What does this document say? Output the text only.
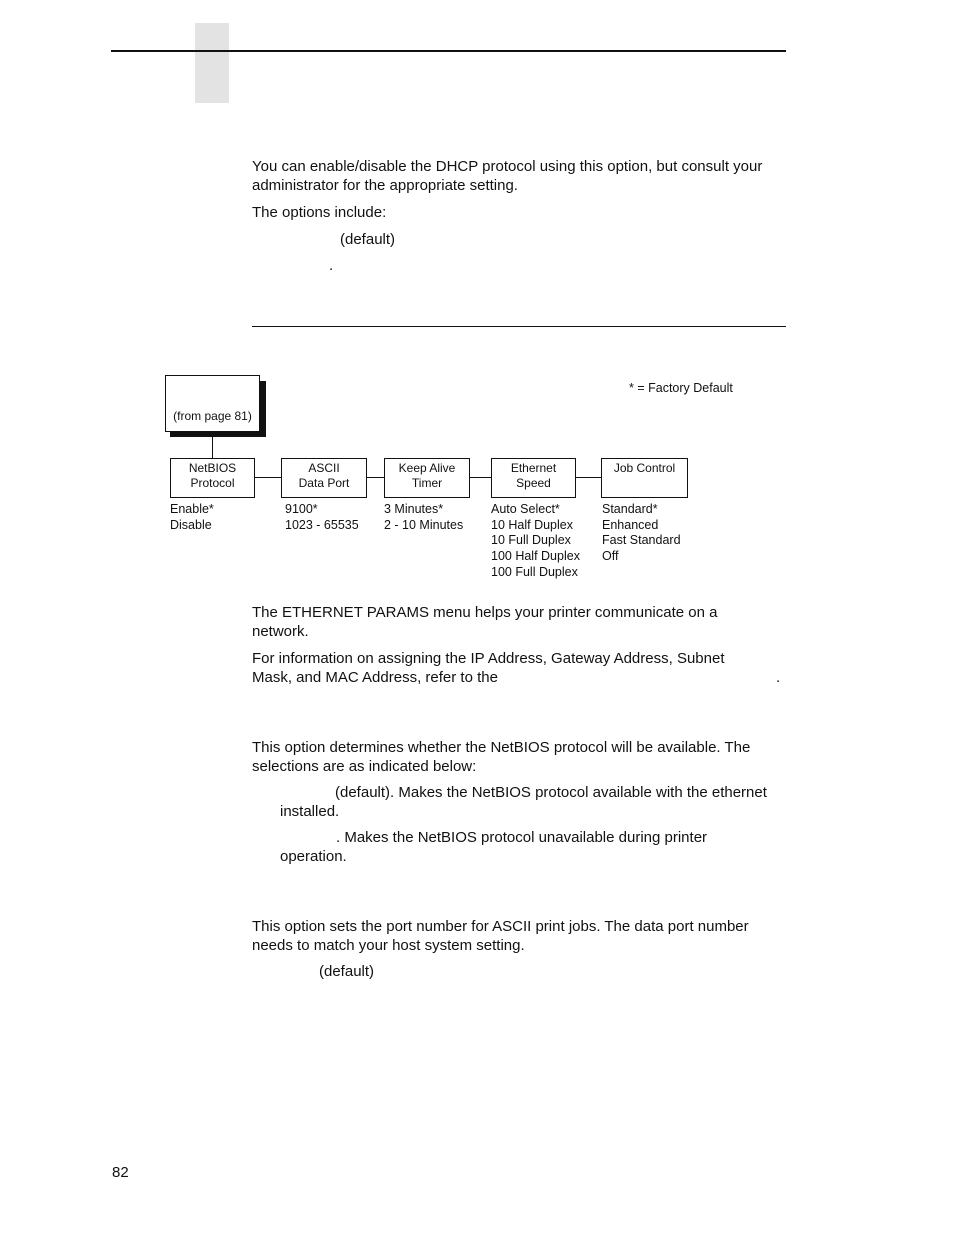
You can enable/disable the DHCP protocol using this option, but consult your
administrator for the appropriate setting.
The options include:
(default)
.
* = Factory Default
(from page 81)
NetBIOS
Protocol
ASCII
Data Port
Keep Alive
Timer
Ethernet
Speed
Job Control
Enable*
Disable
9100*
1023 - 65535
3 Minutes*
2 - 10 Minutes
Auto Select*
10 Half Duplex
10 Full Duplex
100 Half Duplex
100 Full Duplex
Standard*
Enhanced
Fast Standard
Off
The ETHERNET PARAMS menu helps your printer communicate on a
network.
For information on assigning the IP Address, Gateway Address, Subnet
Mask, and MAC Address, refer to the	.
This option determines whether the NetBIOS protocol will be available. The
selections are as indicated below:
(default). Makes the NetBIOS protocol available with the ethernet
installed.
. Makes the NetBIOS protocol unavailable during printer
operation.
This option sets the port number for ASCII print jobs. The data port number
needs to match your host system setting.
(default)
82
